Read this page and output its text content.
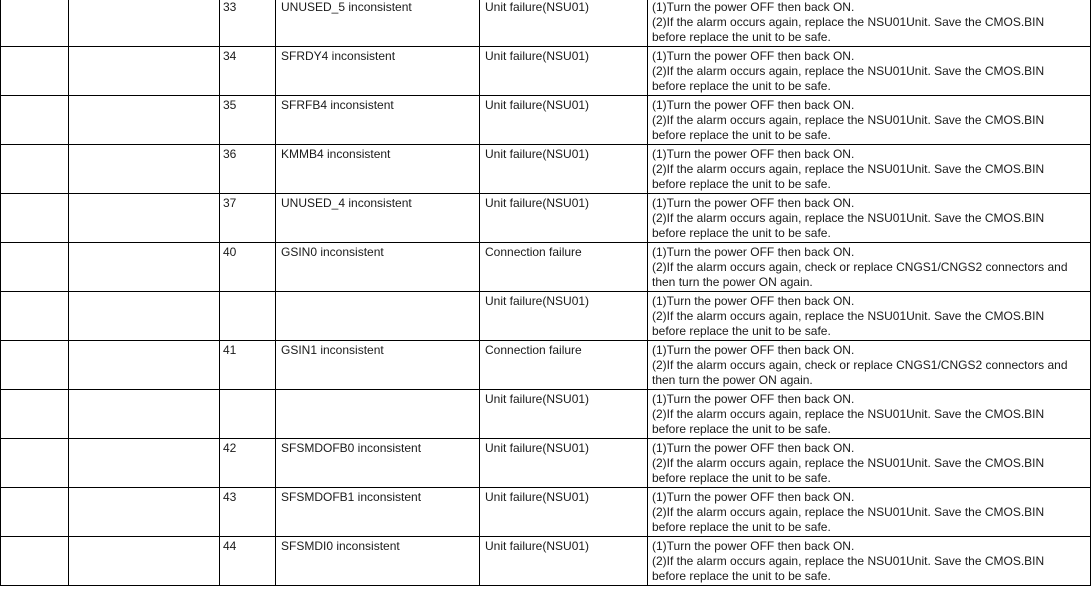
		33	UNUSED_5 inconsistent	Unit failure(NSU01)	(1)Turn the power OFF then back ON.
(2)If the alarm occurs again, replace the NSU01Unit. Save the CMOS.BIN
before replace the unit to be safe.

		34	SFRDY4 inconsistent	Unit failure(NSU01)	(1)Turn the power OFF then back ON.
(2)If the alarm occurs again, replace the NSU01Unit. Save the CMOS.BIN
before replace the unit to be safe.

		35	SFRFB4 inconsistent	Unit failure(NSU01)	(1)Turn the power OFF then back ON.
(2)If the alarm occurs again, replace the NSU01Unit. Save the CMOS.BIN
before replace the unit to be safe.

		36	KMMB4 inconsistent	Unit failure(NSU01)	(1)Turn the power OFF then back ON.
(2)If the alarm occurs again, replace the NSU01Unit. Save the CMOS.BIN
before replace the unit to be safe.

		37	UNUSED_4 inconsistent	Unit failure(NSU01)	(1)Turn the power OFF then back ON.
(2)If the alarm occurs again, replace the NSU01Unit. Save the CMOS.BIN
before replace the unit to be safe.

		40	GSIN0 inconsistent	Connection failure	(1)Turn the power OFF then back ON.
(2)If the alarm occurs again, check or replace CNGS1/CNGS2 connectors and
then turn the power ON again.

				Unit failure(NSU01)	(1)Turn the power OFF then back ON.
(2)If the alarm occurs again, replace the NSU01Unit. Save the CMOS.BIN
before replace the unit to be safe.

		41	GSIN1 inconsistent	Connection failure	(1)Turn the power OFF then back ON.
(2)If the alarm occurs again, check or replace CNGS1/CNGS2 connectors and
then turn the power ON again.

				Unit failure(NSU01)	(1)Turn the power OFF then back ON.
(2)If the alarm occurs again, replace the NSU01Unit. Save the CMOS.BIN
before replace the unit to be safe.

		42	SFSMDOFB0 inconsistent	Unit failure(NSU01)	(1)Turn the power OFF then back ON.
(2)If the alarm occurs again, replace the NSU01Unit. Save the CMOS.BIN
before replace the unit to be safe.

		43	SFSMDOFB1 inconsistent	Unit failure(NSU01)	(1)Turn the power OFF then back ON.
(2)If the alarm occurs again, replace the NSU01Unit. Save the CMOS.BIN
before replace the unit to be safe.

		44	SFSMDI0 inconsistent	Unit failure(NSU01)	(1)Turn the power OFF then back ON.
(2)If the alarm occurs again, replace the NSU01Unit. Save the CMOS.BIN
before replace the unit to be safe.
